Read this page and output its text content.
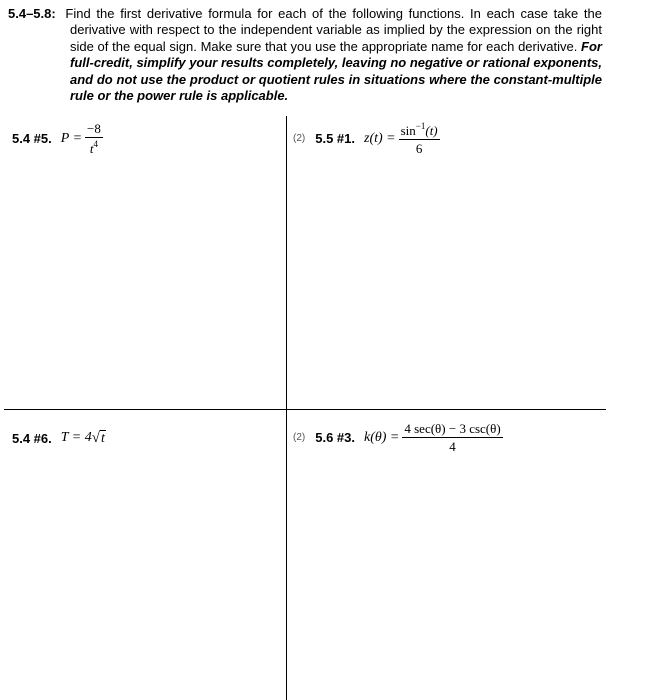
5.4–5.8: Find the first derivative formula for each of the following functions. In each case take the derivative with respect to the independent variable as implied by the expression on the right side of the equal sign. Make sure that you use the appropriate name for each derivative. For full-credit, simplify your results completely, leaving no negative or rational exponents, and do not use the product or quotient rules in situations where the constant-multiple rule or the power rule is applicable.
5.4 #5. $P = \frac{-8}{t^4}$	(2) 5.5 #1. $z(t) = \frac{\sin^{-1}(t)}{6}$
5.4 #6. T = 4 √ t	(2) 5.6 #3. $k(\theta) = \frac{4 \sec(\theta) - 3 \csc(\theta)}{4}$
